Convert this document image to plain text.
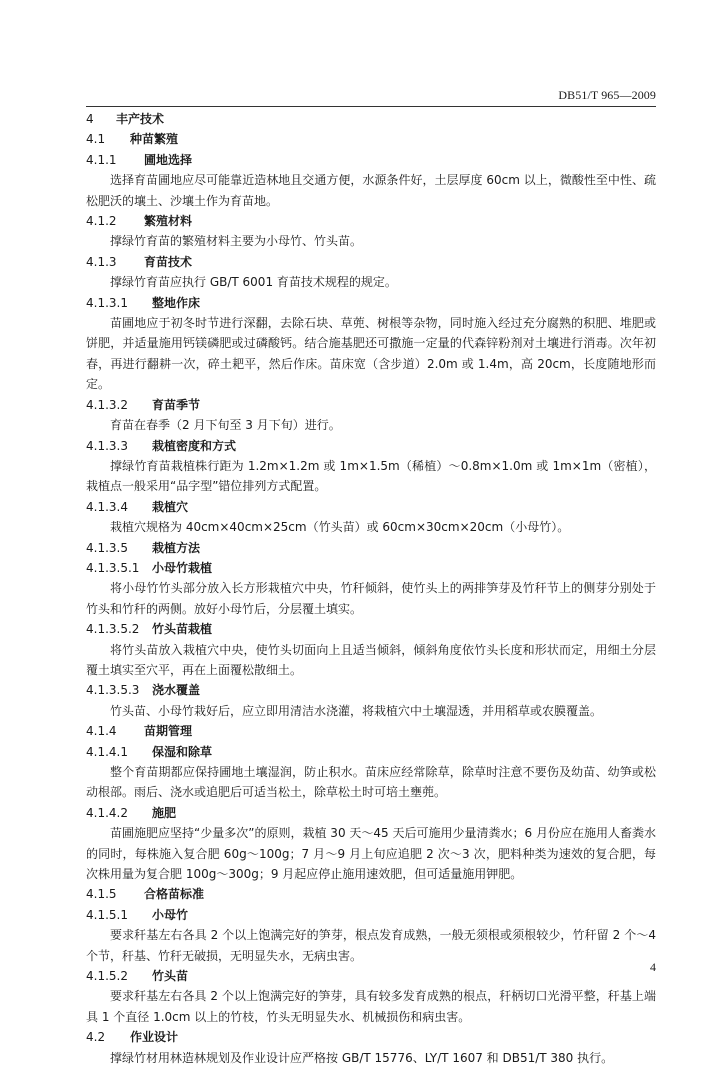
DB51/T 965—2009
4 丰产技术
4.1 种苗繁殖
4.1.1 圃地选择

选择育苗圃地应尽可能靠近造林地且交通方便，水源条件好，土层厚度 60cm 以上，微酸性至中性、疏松肥沃的壤土、沙壤土作为育苗地。

4.1.2 繁殖材料

撑绿竹育苗的繁殖材料主要为小母竹、竹头苗。

4.1.3 育苗技术

撑绿竹育苗应执行 GB/T 6001 育苗技术规程的规定。

4.1.3.1 整地作床

苗圃地应于初冬时节进行深翻，去除石块、草蔸、树根等杂物，同时施入经过充分腐熟的积肥、堆肥或饼肥，并适量施用钙镁磷肥或过磷酸钙。结合施基肥还可撒施一定量的代森锌粉剂对土壤进行消毒。次年初春，再进行翻耕一次，碎土耙平，然后作床。苗床宽（含步道）2.0m 或 1.4m，高 20cm，长度随地形而定。

4.1.3.2 育苗季节

育苗在春季（2 月下旬至 3 月下旬）进行。

4.1.3.3 栽植密度和方式

撑绿竹育苗栽植株行距为 1.2m×1.2m 或 1m×1.5m（稀植）～0.8m×1.0m 或 1m×1m（密植），栽植点一般采用“品字型”错位排列方式配置。

4.1.3.4 栽植穴

栽植穴规格为 40cm×40cm×25cm（竹头苗）或 60cm×30cm×20cm（小母竹）。

4.1.3.5 栽植方法
4.1.3.5.1 小母竹栽植

将小母竹竹头部分放入长方形栽植穴中央，竹秆倾斜，使竹头上的两排笋芽及竹秆节上的侧芽分别处于竹头和竹秆的两侧。放好小母竹后，分层覆土填实。

4.1.3.5.2 竹头苗栽植

将竹头苗放入栽植穴中央，使竹头切面向上且适当倾斜，倾斜角度依竹头长度和形状而定，用细土分层覆土填实至穴平，再在上面覆松散细土。

4.1.3.5.3 浇水覆盖

竹头苗、小母竹栽好后，应立即用清洁水浇灌，将栽植穴中土壤湿透，并用稻草或农膜覆盖。

4.1.4 苗期管理
4.1.4.1 保湿和除草

整个育苗期都应保持圃地土壤湿润，防止积水。苗床应经常除草，除草时注意不要伤及幼苗、幼笋或松动根部。雨后、浇水或追肥后可适当松土，除草松土时可培土壅蔸。

4.1.4.2 施肥

苗圃施肥应坚持“少量多次”的原则，栽植 30 天～45 天后可施用少量清粪水；6 月份应在施用人畜粪水的同时，每株施入复合肥 60g～100g；7 月～9 月上旬应追肥 2 次～3 次，肥料种类为速效的复合肥，每次株用量为复合肥 100g～300g；9 月起应停止施用速效肥，但可适量施用钾肥。

4.1.5 合格苗标准
4.1.5.1 小母竹

要求秆基左右各具 2 个以上饱满完好的笋芽，根点发育成熟，一般无须根或须根较少，竹秆留 2 个～4 个节，秆基、竹秆无破损，无明显失水，无病虫害。

4.1.5.2 竹头苗

要求秆基左右各具 2 个以上饱满完好的笋芽，具有较多发育成熟的根点，秆柄切口光滑平整，秆基上端具 1 个直径 1.0cm 以上的竹枝，竹头无明显失水、机械损伤和病虫害。

4.2 作业设计

撑绿竹材用林造林规划及作业设计应严格按 GB/T 15776、LY/T 1607 和 DB51/T 380 执行。

4
